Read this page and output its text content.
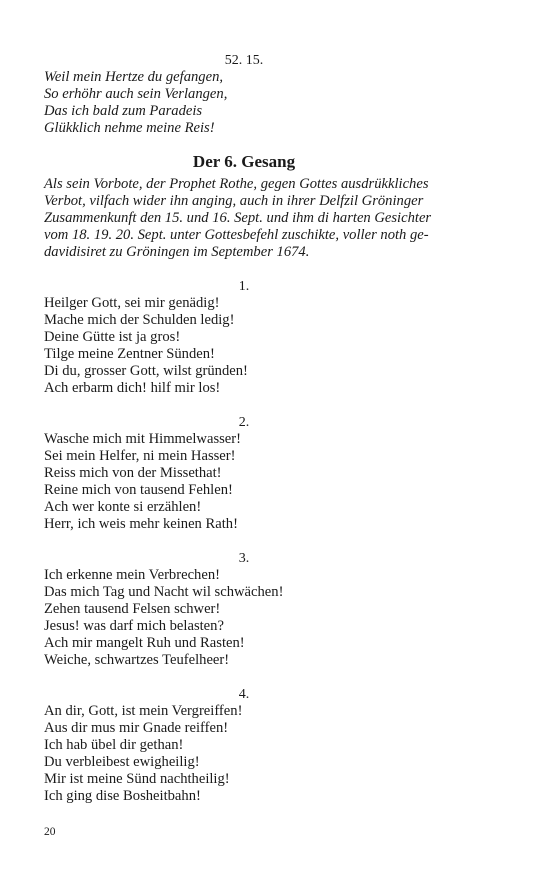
52. 15.
Weil mein Hertze du gefangen,
So erhöhr auch sein Verlangen,
Das ich bald zum Paradeis
Glükklich nehme meine Reis!
Der 6. Gesang
Als sein Vorbote, der Prophet Rothe, gegen Gottes ausdrükkliches
Verbot, vilfach wider ihn anging, auch in ihrer Delfzil Gröninger
Zusammenkunft den 15. und 16. Sept. und ihm di harten Gesichter
vom 18. 19. 20. Sept. unter Gottesbefehl zuschikte, voller noth ge-
davidisiret zu Gröningen im September 1674.
1.
Heilger Gott, sei mir genädig!
Mache mich der Schulden ledig!
Deine Gütte ist ja gros!
Tilge meine Zentner Sünden!
Di du, grosser Gott, wilst gründen!
Ach erbarm dich! hilf mir los!
2.
Wasche mich mit Himmelwasser!
Sei mein Helfer, ni mein Hasser!
Reiss mich von der Missethat!
Reine mich von tausend Fehlen!
Ach wer konte si erzählen!
Herr, ich weis mehr keinen Rath!
3.
Ich erkenne mein Verbrechen!
Das mich Tag und Nacht wil schwächen!
Zehen tausend Felsen schwer!
Jesus! was darf mich belasten?
Ach mir mangelt Ruh und Rasten!
Weiche, schwartzes Teufelheer!
4.
An dir, Gott, ist mein Vergreiffen!
Aus dir mus mir Gnade reiffen!
Ich hab übel dir gethan!
Du verbleibest ewigheilig!
Mir ist meine Sünd nachtheilig!
Ich ging dise Bosheitbahn!
20
